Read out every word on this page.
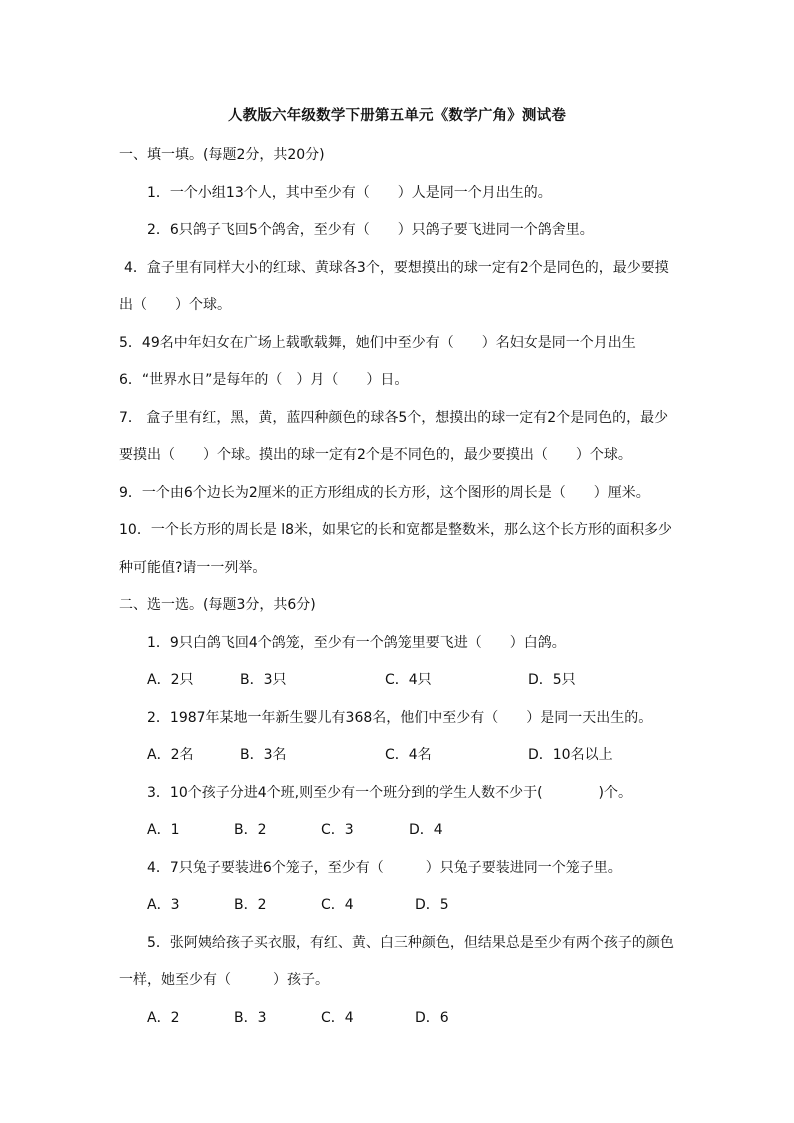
人教版六年级数学下册第五单元《数学广角》测试卷
一、填一填。(每题2分，共20分)
1．一个小组13个人，其中至少有（　　）人是同一个月出生的。
2．6只鸽子飞回5个鸽舍，至少有（　　）只鸽子要飞进同一个鸽舍里。
4．盒子里有同样大小的红球、黄球各3个，要想摸出的球一定有2个是同色的，最少要摸
出（　　）个球。
5．49名中年妇女在广场上载歌载舞，她们中至少有（　　）名妇女是同一个月出生
6．“世界水日”是每年的（　）月（　　）日。
7． 盒子里有红，黑，黄，蓝四种颜色的球各5个，想摸出的球一定有2个是同色的，最少
要摸出（　　）个球。摸出的球一定有2个是不同色的，最少要摸出（　　）个球。
9．一个由6个边长为2厘米的正方形组成的长方形，这个图形的周长是（　　）厘米。
10．一个长方形的周长是 l8米，如果它的长和宽都是整数米，那么这个长方形的面积多少
种可能值?请一一列举。
二、选一选。(每题3分，共6分)
1．9只白鸽飞回4个鸽笼，至少有一个鸽笼里要飞进（　　）白鸽。
A．2只	B．3只	C．4只	D．5只
2．1987年某地一年新生婴儿有368名，他们中至少有（　　）是同一天出生的。
A．2名	B．3名	C．4名	D．10名以上
3．10个孩子分进4个班,则至少有一个班分到的学生人数不少于(　　　　)个。
A．1	B．2	C．3	D．4
4．7只兔子要装进6个笼子，至少有（　　　）只兔子要装进同一个笼子里。
A．3	B．2	C．4	D．5
5．张阿姨给孩子买衣服，有红、黄、白三种颜色，但结果总是至少有两个孩子的颜色
一样，她至少有（　　　）孩子。
A．2	B．3	C．4	D．6
